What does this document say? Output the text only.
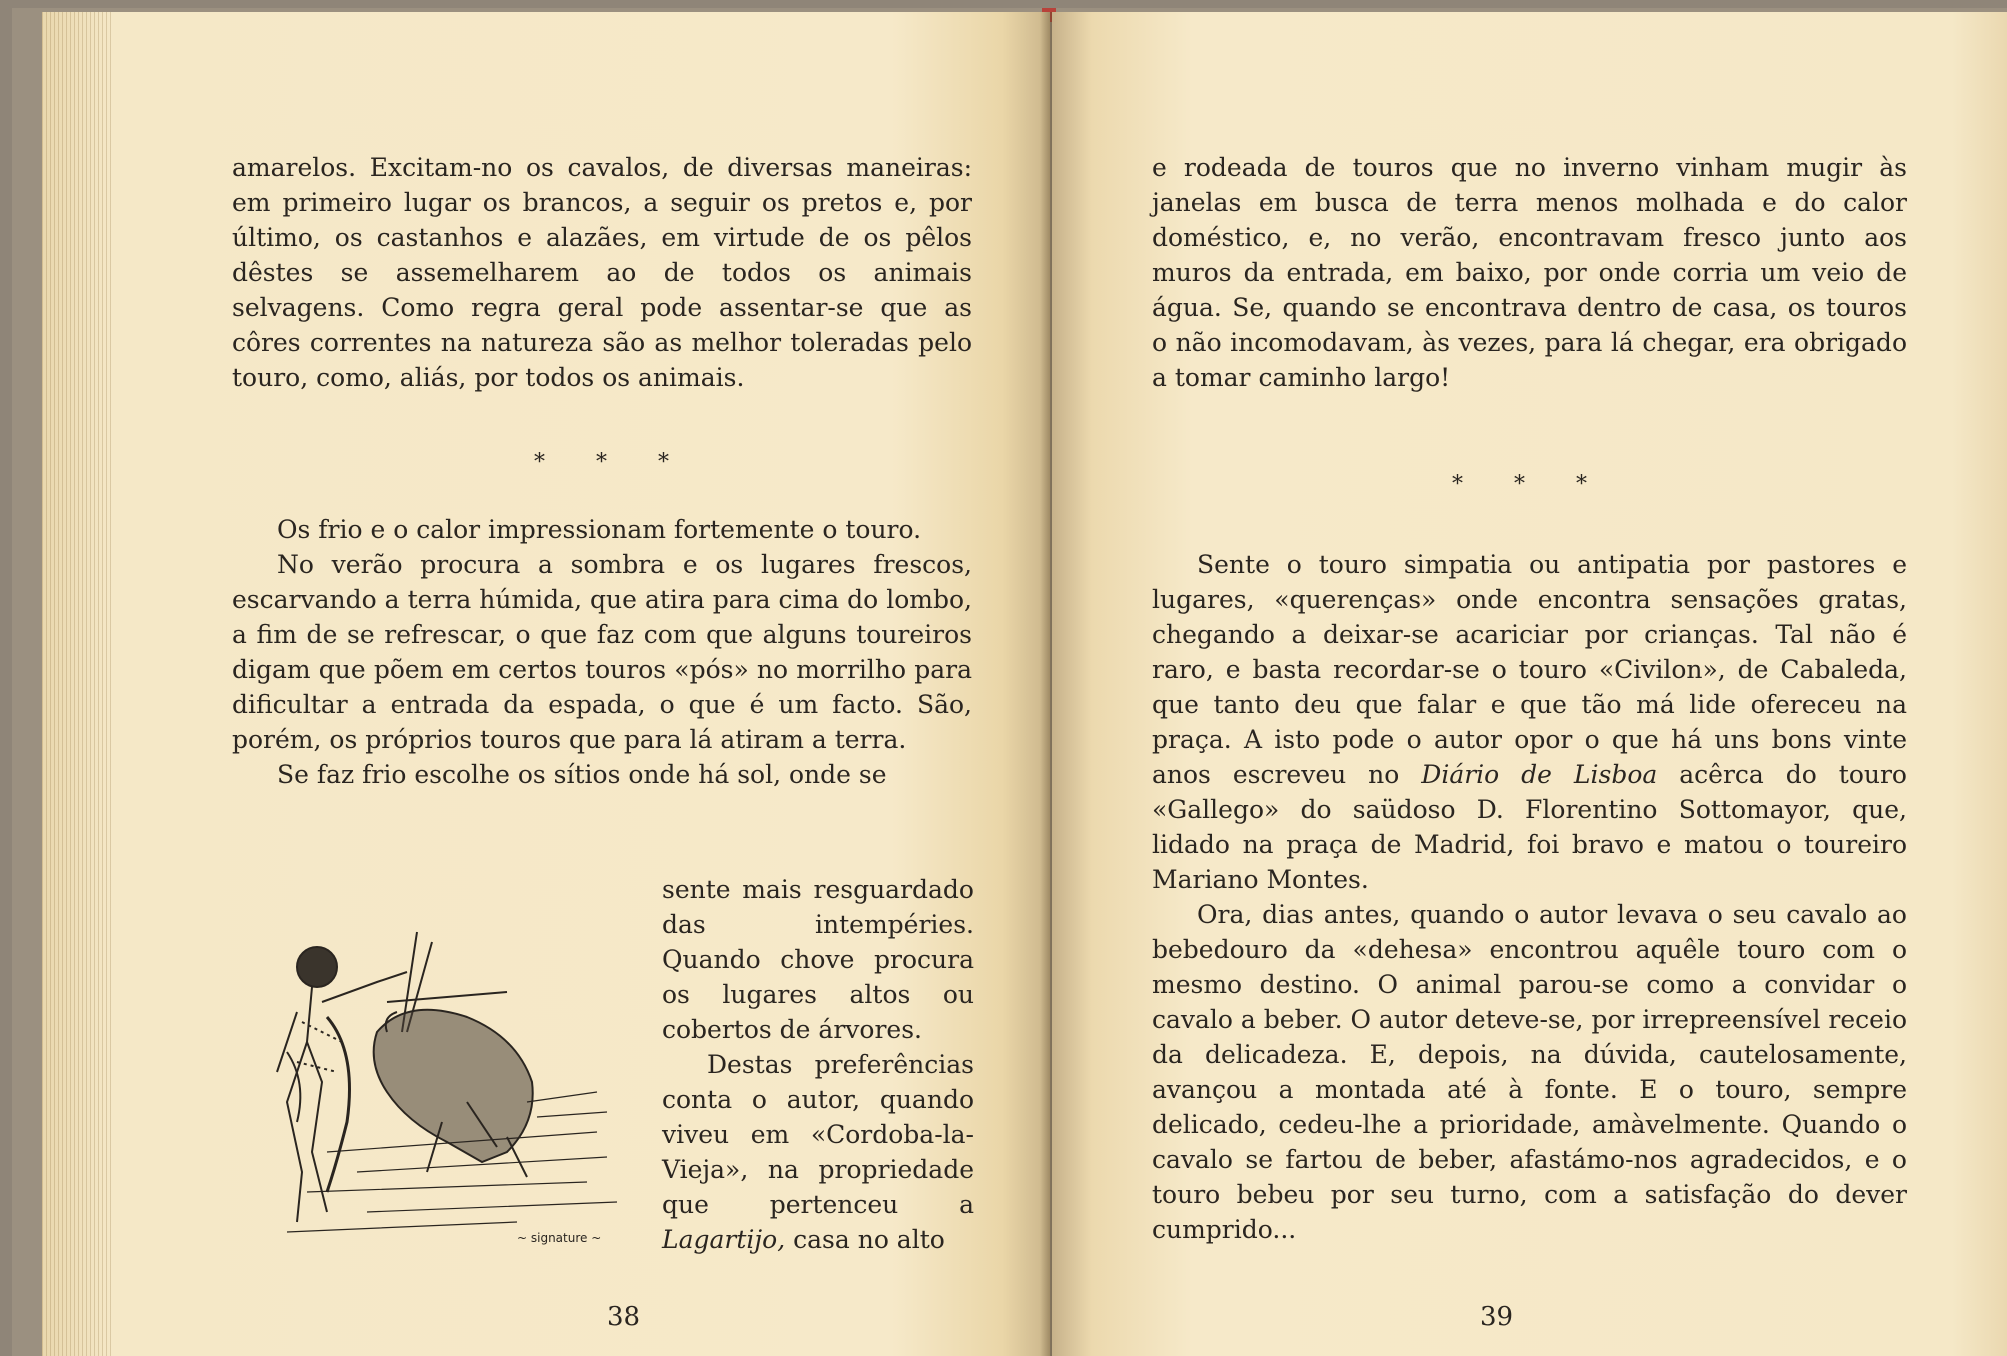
amarelos. Excitam-no os cavalos, de diversas maneiras: em primeiro lugar os brancos, a seguir os pretos e, por último, os castanhos e alazães, em virtude de os pêlos dêstes se assemelharem ao de todos os animais selvagens. Como regra geral pode assentar-se que as côres correntes na natureza são as melhor toleradas pelo touro, como, aliás, por todos os animais.

* * *

Os frio e o calor impressionam fortemente o touro.

No verão procura a sombra e os lugares frescos, escarvando a terra húmida, que atira para cima do lombo, a fim de se refrescar, o que faz com que alguns toureiros digam que põem em certos touros «pós» no morrilho para dificultar a entrada da espada, o que é um facto. São, porém, os próprios touros que para lá atiram a terra.

Se faz frio escolhe os sítios onde há sol, onde se

sente mais resguardado das intempéries. Quando chove procura os lugares altos ou cobertos de árvores.

Destas preferências conta o autor, quando viveu em «Cordoba-la-Vieja», na propriedade que pertenceu a Lagartijo, casa no alto

~ signature ~
38

e rodeada de touros que no inverno vinham mugir às janelas em busca de terra menos molhada e do calor doméstico, e, no verão, encontravam fresco junto aos muros da entrada, em baixo, por onde corria um veio de água. Se, quando se encontrava dentro de casa, os touros o não incomodavam, às vezes, para lá chegar, era obrigado a tomar caminho largo!

* * *

Sente o touro simpatia ou antipatia por pastores e lugares, «querenças» onde encontra sensações gratas, chegando a deixar-se acariciar por crianças. Tal não é raro, e basta recordar-se o touro «Civilon», de Cabaleda, que tanto deu que falar e que tão má lide ofereceu na praça. A isto pode o autor opor o que há uns bons vinte anos escreveu no Diário de Lisboa acêrca do touro «Gallego» do saüdoso D. Florentino Sottomayor, que, lidado na praça de Madrid, foi bravo e matou o toureiro Mariano Montes.

Ora, dias antes, quando o autor levava o seu cavalo ao bebedouro da «dehesa» encontrou aquêle touro com o mesmo destino. O animal parou-se como a convidar o cavalo a beber. O autor deteve-se, por irrepreensível receio da delicadeza. E, depois, na dúvida, cautelosamente, avançou a montada até à fonte. E o touro, sempre delicado, cedeu-lhe a prioridade, amàvelmente. Quando o cavalo se fartou de beber, afastámo-nos agradecidos, e o touro bebeu por seu turno, com a satisfação do dever cumprido...

39
